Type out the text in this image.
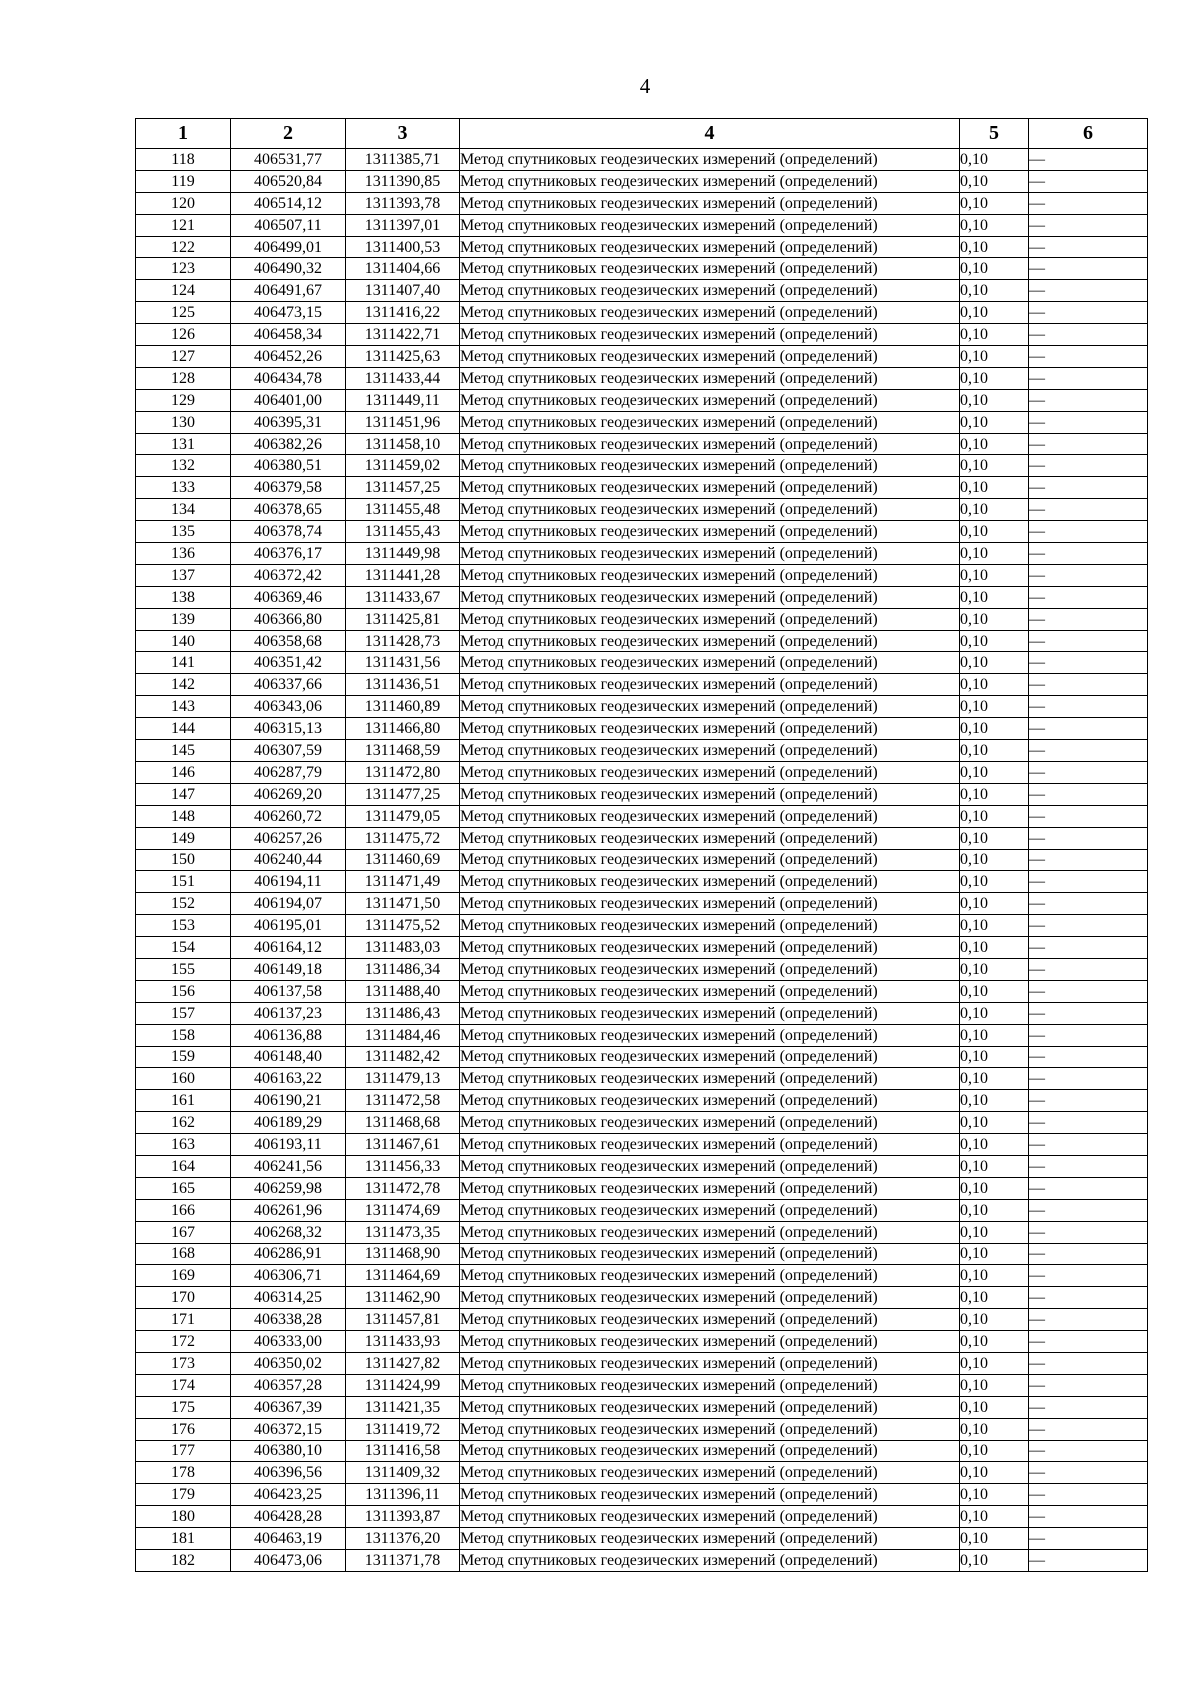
4
1	2	3	4	5	6
118	406531,77	1311385,71	Метод спутниковых геодезических измерений (определений)	0,10	—
119	406520,84	1311390,85	Метод спутниковых геодезических измерений (определений)	0,10	—
120	406514,12	1311393,78	Метод спутниковых геодезических измерений (определений)	0,10	—
121	406507,11	1311397,01	Метод спутниковых геодезических измерений (определений)	0,10	—
122	406499,01	1311400,53	Метод спутниковых геодезических измерений (определений)	0,10	—
123	406490,32	1311404,66	Метод спутниковых геодезических измерений (определений)	0,10	—
124	406491,67	1311407,40	Метод спутниковых геодезических измерений (определений)	0,10	—
125	406473,15	1311416,22	Метод спутниковых геодезических измерений (определений)	0,10	—
126	406458,34	1311422,71	Метод спутниковых геодезических измерений (определений)	0,10	—
127	406452,26	1311425,63	Метод спутниковых геодезических измерений (определений)	0,10	—
128	406434,78	1311433,44	Метод спутниковых геодезических измерений (определений)	0,10	—
129	406401,00	1311449,11	Метод спутниковых геодезических измерений (определений)	0,10	—
130	406395,31	1311451,96	Метод спутниковых геодезических измерений (определений)	0,10	—
131	406382,26	1311458,10	Метод спутниковых геодезических измерений (определений)	0,10	—
132	406380,51	1311459,02	Метод спутниковых геодезических измерений (определений)	0,10	—
133	406379,58	1311457,25	Метод спутниковых геодезических измерений (определений)	0,10	—
134	406378,65	1311455,48	Метод спутниковых геодезических измерений (определений)	0,10	—
135	406378,74	1311455,43	Метод спутниковых геодезических измерений (определений)	0,10	—
136	406376,17	1311449,98	Метод спутниковых геодезических измерений (определений)	0,10	—
137	406372,42	1311441,28	Метод спутниковых геодезических измерений (определений)	0,10	—
138	406369,46	1311433,67	Метод спутниковых геодезических измерений (определений)	0,10	—
139	406366,80	1311425,81	Метод спутниковых геодезических измерений (определений)	0,10	—
140	406358,68	1311428,73	Метод спутниковых геодезических измерений (определений)	0,10	—
141	406351,42	1311431,56	Метод спутниковых геодезических измерений (определений)	0,10	—
142	406337,66	1311436,51	Метод спутниковых геодезических измерений (определений)	0,10	—
143	406343,06	1311460,89	Метод спутниковых геодезических измерений (определений)	0,10	—
144	406315,13	1311466,80	Метод спутниковых геодезических измерений (определений)	0,10	—
145	406307,59	1311468,59	Метод спутниковых геодезических измерений (определений)	0,10	—
146	406287,79	1311472,80	Метод спутниковых геодезических измерений (определений)	0,10	—
147	406269,20	1311477,25	Метод спутниковых геодезических измерений (определений)	0,10	—
148	406260,72	1311479,05	Метод спутниковых геодезических измерений (определений)	0,10	—
149	406257,26	1311475,72	Метод спутниковых геодезических измерений (определений)	0,10	—
150	406240,44	1311460,69	Метод спутниковых геодезических измерений (определений)	0,10	—
151	406194,11	1311471,49	Метод спутниковых геодезических измерений (определений)	0,10	—
152	406194,07	1311471,50	Метод спутниковых геодезических измерений (определений)	0,10	—
153	406195,01	1311475,52	Метод спутниковых геодезических измерений (определений)	0,10	—
154	406164,12	1311483,03	Метод спутниковых геодезических измерений (определений)	0,10	—
155	406149,18	1311486,34	Метод спутниковых геодезических измерений (определений)	0,10	—
156	406137,58	1311488,40	Метод спутниковых геодезических измерений (определений)	0,10	—
157	406137,23	1311486,43	Метод спутниковых геодезических измерений (определений)	0,10	—
158	406136,88	1311484,46	Метод спутниковых геодезических измерений (определений)	0,10	—
159	406148,40	1311482,42	Метод спутниковых геодезических измерений (определений)	0,10	—
160	406163,22	1311479,13	Метод спутниковых геодезических измерений (определений)	0,10	—
161	406190,21	1311472,58	Метод спутниковых геодезических измерений (определений)	0,10	—
162	406189,29	1311468,68	Метод спутниковых геодезических измерений (определений)	0,10	—
163	406193,11	1311467,61	Метод спутниковых геодезических измерений (определений)	0,10	—
164	406241,56	1311456,33	Метод спутниковых геодезических измерений (определений)	0,10	—
165	406259,98	1311472,78	Метод спутниковых геодезических измерений (определений)	0,10	—
166	406261,96	1311474,69	Метод спутниковых геодезических измерений (определений)	0,10	—
167	406268,32	1311473,35	Метод спутниковых геодезических измерений (определений)	0,10	—
168	406286,91	1311468,90	Метод спутниковых геодезических измерений (определений)	0,10	—
169	406306,71	1311464,69	Метод спутниковых геодезических измерений (определений)	0,10	—
170	406314,25	1311462,90	Метод спутниковых геодезических измерений (определений)	0,10	—
171	406338,28	1311457,81	Метод спутниковых геодезических измерений (определений)	0,10	—
172	406333,00	1311433,93	Метод спутниковых геодезических измерений (определений)	0,10	—
173	406350,02	1311427,82	Метод спутниковых геодезических измерений (определений)	0,10	—
174	406357,28	1311424,99	Метод спутниковых геодезических измерений (определений)	0,10	—
175	406367,39	1311421,35	Метод спутниковых геодезических измерений (определений)	0,10	—
176	406372,15	1311419,72	Метод спутниковых геодезических измерений (определений)	0,10	—
177	406380,10	1311416,58	Метод спутниковых геодезических измерений (определений)	0,10	—
178	406396,56	1311409,32	Метод спутниковых геодезических измерений (определений)	0,10	—
179	406423,25	1311396,11	Метод спутниковых геодезических измерений (определений)	0,10	—
180	406428,28	1311393,87	Метод спутниковых геодезических измерений (определений)	0,10	—
181	406463,19	1311376,20	Метод спутниковых геодезических измерений (определений)	0,10	—
182	406473,06	1311371,78	Метод спутниковых геодезических измерений (определений)	0,10	—
